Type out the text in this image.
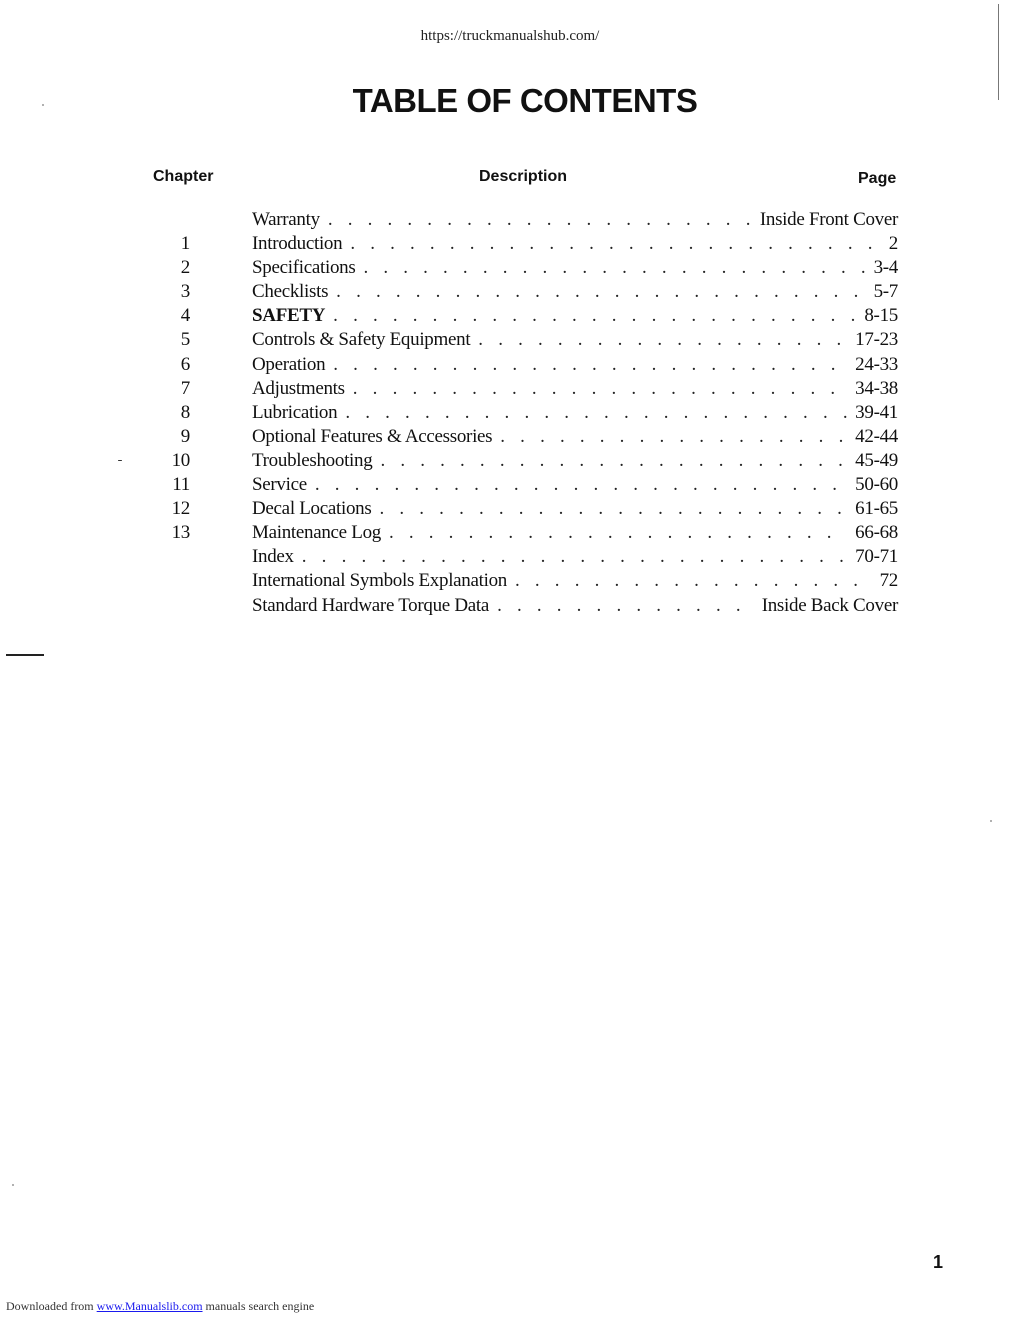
https://truckmanualshub.com/
TABLE OF CONTENTS
Chapter	Description	Page
Warranty . . .	Inside Front Cover
1	Introduction . . .	2
2	Specifications . . .	3-4
3	Checklists . . .	5-7
4	SAFETY . . .	8-15
5	Controls & Safety Equipment . . .	17-23
6	Operation . . .	24-33
7	Adjustments . . .	34-38
8	Lubrication . . .	39-41
9	Optional Features & Accessories . . .	42-44
10	Troubleshooting . . .	45-49
11	Service . . .	50-60
12	Decal Locations . . .	61-65
13	Maintenance Log . . .	66-68
Index . . .	70-71
International Symbols Explanation . . .	72
Standard Hardware Torque Data . . .	Inside Back Cover
1
Downloaded from www.Manualslib.com manuals search engine
